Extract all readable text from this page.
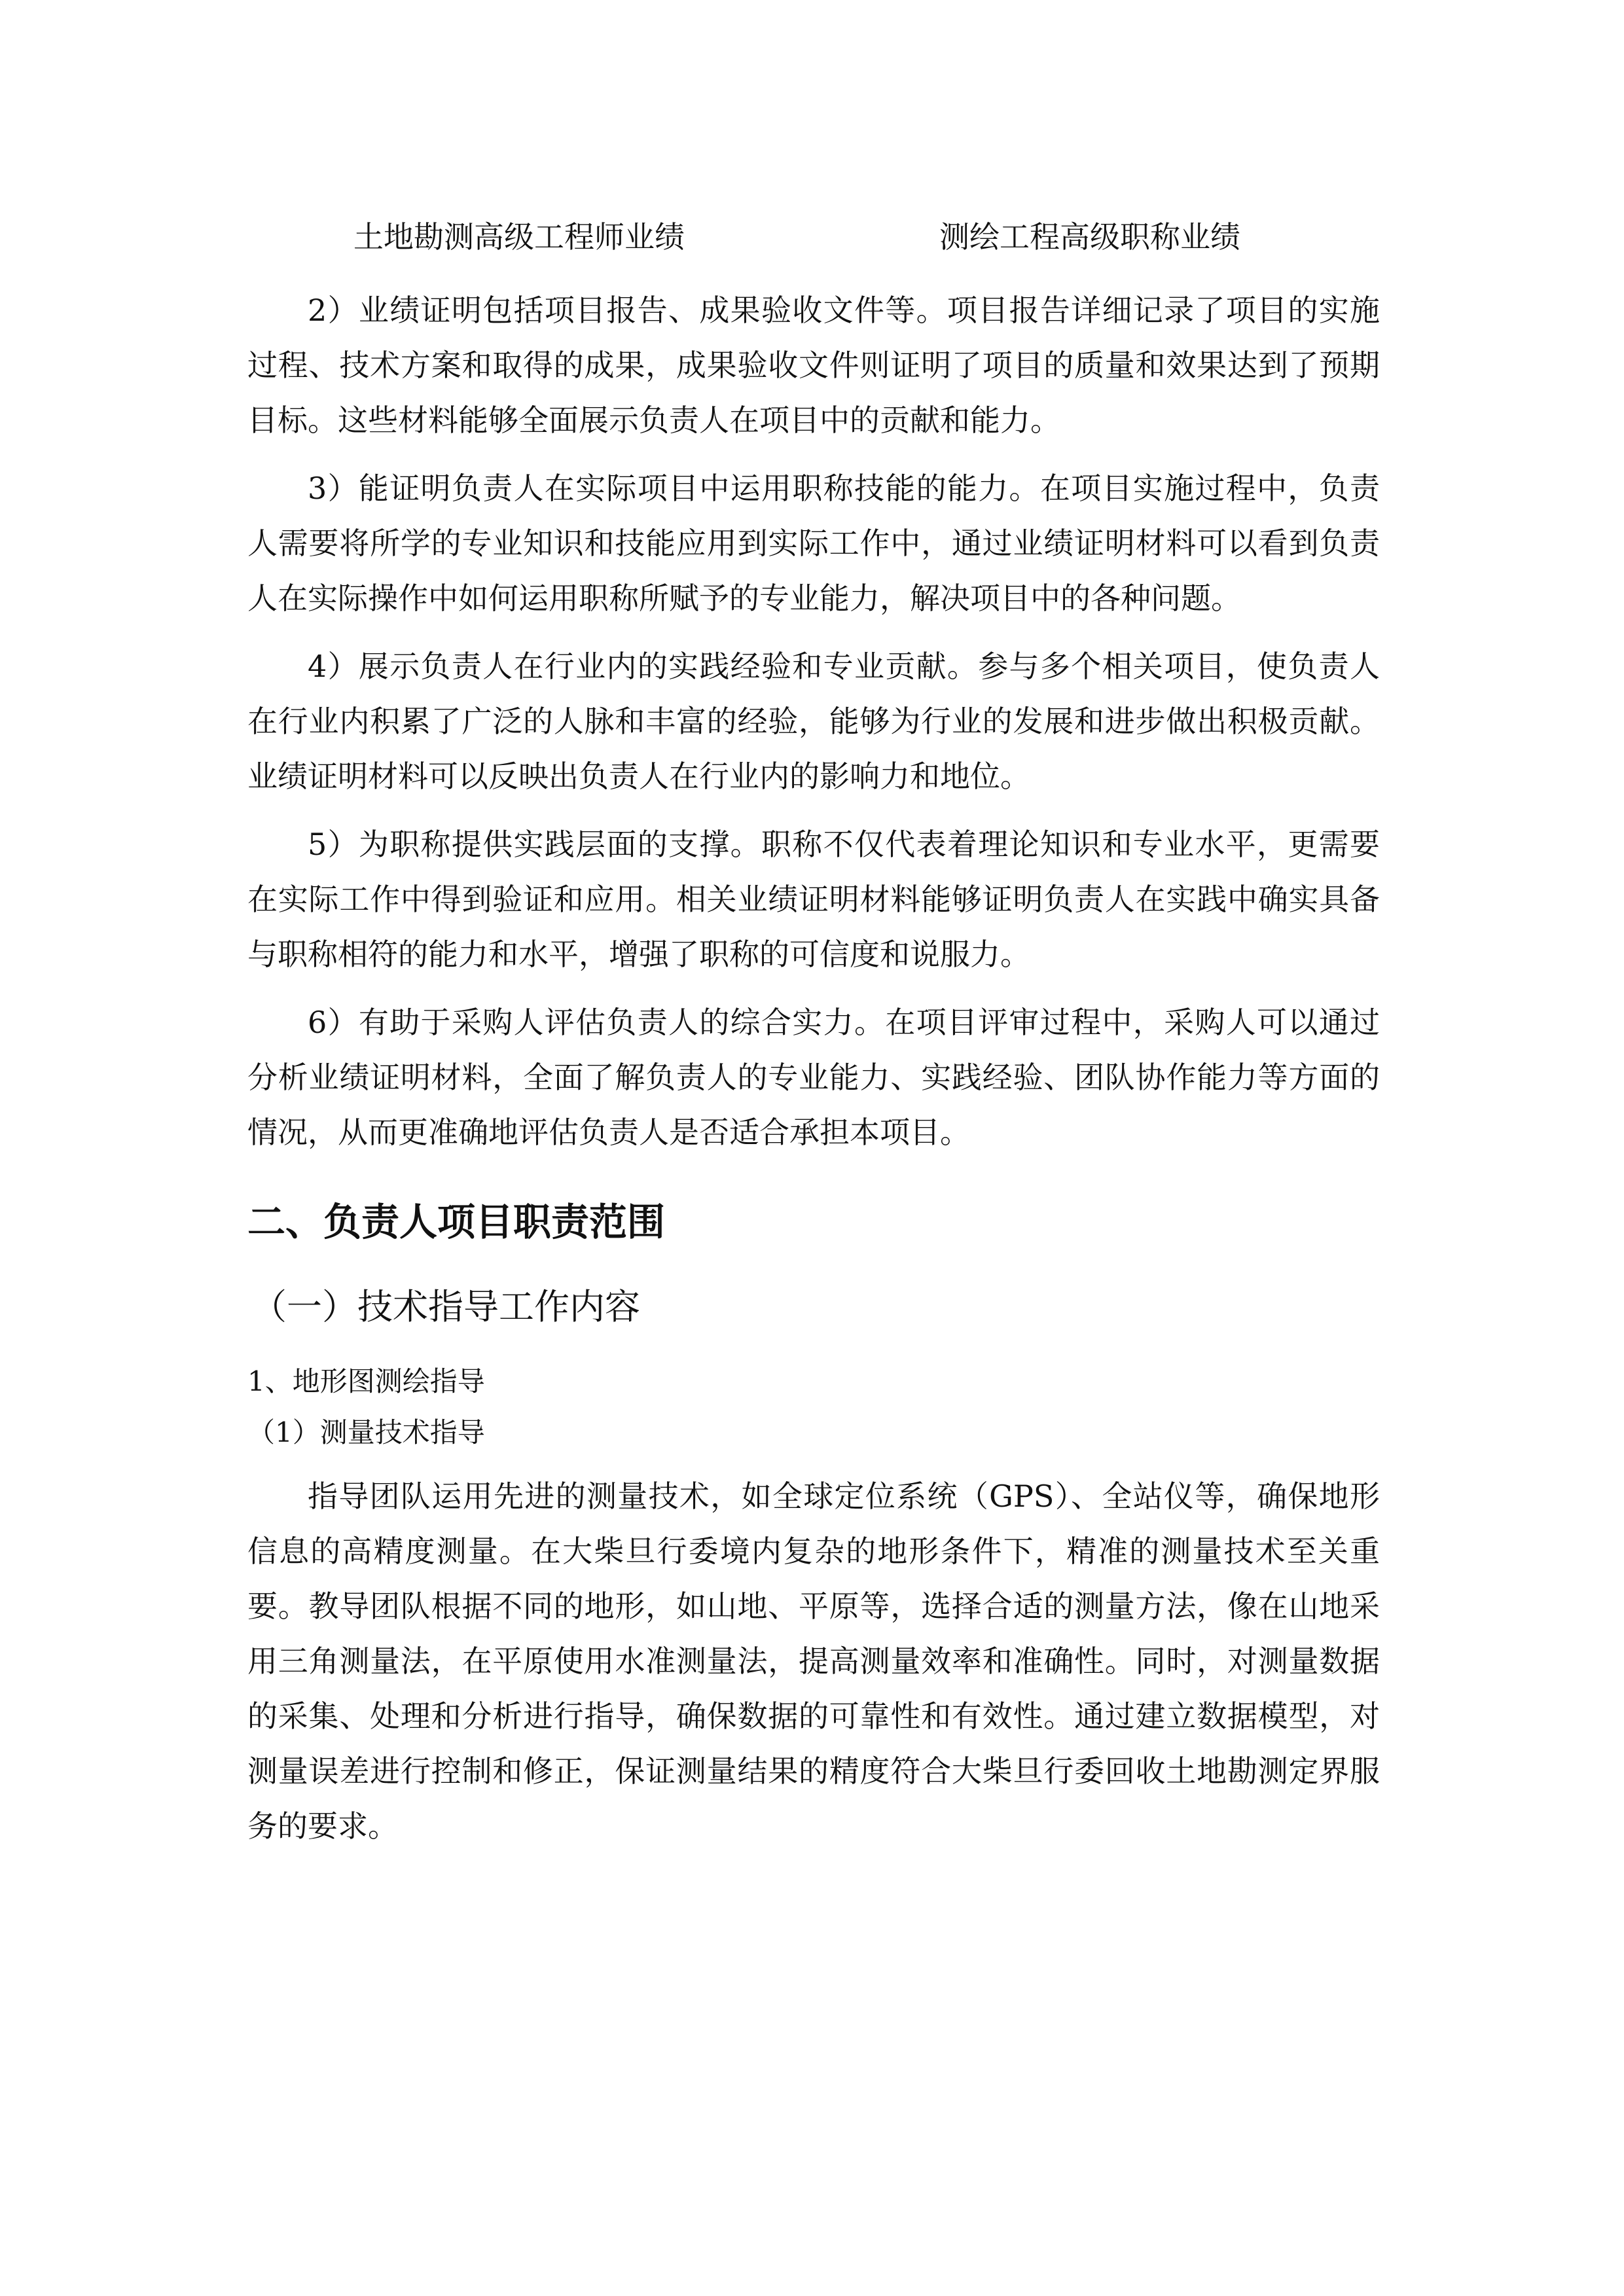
土地勘测高级工程师业绩	测绘工程高级职称业绩

2）业绩证明包括项目报告、成果验收文件等。项目报告详细记录了项目的实施过程、技术方案和取得的成果，成果验收文件则证明了项目的质量和效果达到了预期目标。这些材料能够全面展示负责人在项目中的贡献和能力。

3）能证明负责人在实际项目中运用职称技能的能力。在项目实施过程中，负责人需要将所学的专业知识和技能应用到实际工作中，通过业绩证明材料可以看到负责人在实际操作中如何运用职称所赋予的专业能力，解决项目中的各种问题。

4）展示负责人在行业内的实践经验和专业贡献。参与多个相关项目，使负责人在行业内积累了广泛的人脉和丰富的经验，能够为行业的发展和进步做出积极贡献。业绩证明材料可以反映出负责人在行业内的影响力和地位。

5）为职称提供实践层面的支撑。职称不仅代表着理论知识和专业水平，更需要在实际工作中得到验证和应用。相关业绩证明材料能够证明负责人在实践中确实具备与职称相符的能力和水平，增强了职称的可信度和说服力。

6）有助于采购人评估负责人的综合实力。在项目评审过程中，采购人可以通过分析业绩证明材料，全面了解负责人的专业能力、实践经验、团队协作能力等方面的情况，从而更准确地评估负责人是否适合承担本项目。

二、负责人项目职责范围
（一）技术指导工作内容
1、地形图测绘指导
（1）测量技术指导

指导团队运用先进的测量技术，如全球定位系统（GPS）、全站仪等，确保地形信息的高精度测量。在大柴旦行委境内复杂的地形条件下，精准的测量技术至关重要。教导团队根据不同的地形，如山地、平原等，选择合适的测量方法，像在山地采用三角测量法，在平原使用水准测量法，提高测量效率和准确性。同时，对测量数据的采集、处理和分析进行指导，确保数据的可靠性和有效性。通过建立数据模型，对测量误差进行控制和修正，保证测量结果的精度符合大柴旦行委回收土地勘测定界服务的要求。
